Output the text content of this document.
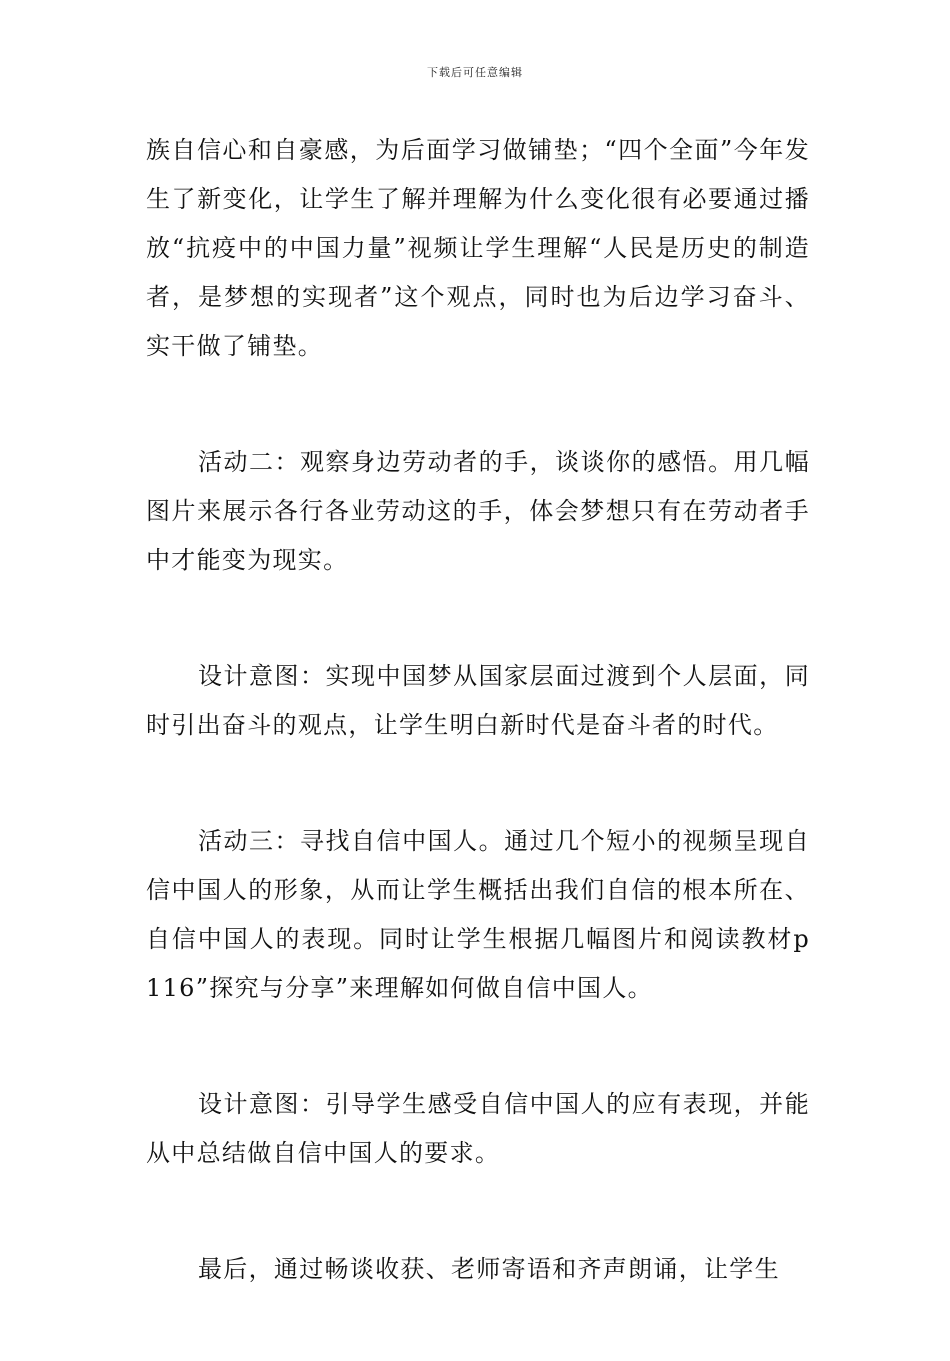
下载后可任意编辑

族自信心和自豪感，为后面学习做铺垫；“四个全面”今年发生了新变化，让学生了解并理解为什么变化很有必要通过播放“抗疫中的中国力量”视频让学生理解“人民是历史的制造者，是梦想的实现者”这个观点，同时也为后边学习奋斗、实干做了铺垫。

活动二：观察身边劳动者的手，谈谈你的感悟。用几幅图片来展示各行各业劳动这的手，体会梦想只有在劳动者手中才能变为现实。

设计意图：实现中国梦从国家层面过渡到个人层面，同时引出奋斗的观点，让学生明白新时代是奋斗者的时代。

活动三：寻找自信中国人。通过几个短小的视频呈现自信中国人的形象，从而让学生概括出我们自信的根本所在、自信中国人的表现。同时让学生根据几幅图片和阅读教材p116”探究与分享”来理解如何做自信中国人。

设计意图：引导学生感受自信中国人的应有表现，并能从中总结做自信中国人的要求。

最后，通过畅谈收获、老师寄语和齐声朗诵，让学生
